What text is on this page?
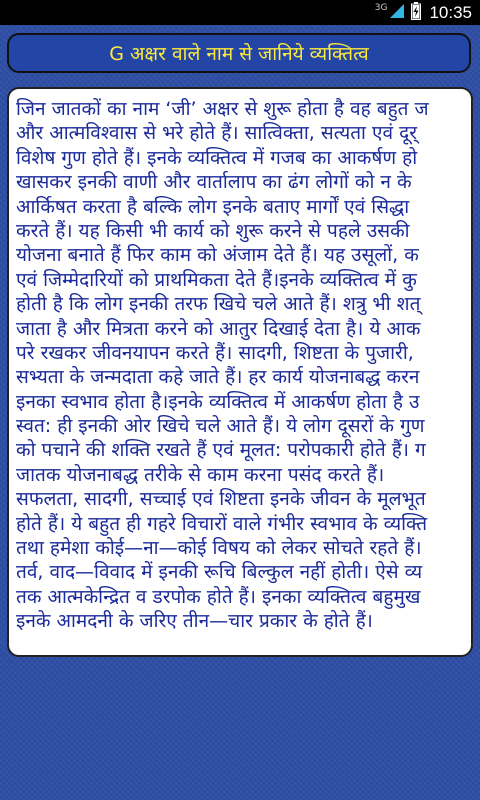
3G 10:35
G अक्षर वाले नाम से जानिये व्यक्तित्व
जिन जातकों का नाम ‘जी’ अक्षर से शुरू होता है वह बहुत ज
और आत्मविश्वास से भरे होते हैं। सात्विक्ता, सत्यता एवं दूर्
विशेष गुण होते हैं। इनके व्यक्तित्व में गजब का आकर्षण हो
खासकर इनकी वाणी और वार्तालाप का ढंग लोगों को न के
आर्किषत करता है बल्कि लोग इनके बताए मार्गों एवं सिद्धा
करते हैं। यह किसी भी कार्य को शुरू करने से पहले उसकी
योजना बनाते हैं फिर काम को अंजाम देते हैं। यह उसूलों, क
एवं जिम्मेदारियों को प्राथमिकता देते हैं।इनके व्यक्तित्व में कु
होती है कि लोग इनकी तरफ खिचे चले आते हैं। शत्रु भी शत्
जाता है और मित्रता करने को आतुर दिखाई देता है। ये आक
परे रखकर जीवनयापन करते हैं। सादगी, शिष्टता के पुजारी,
सभ्यता के जन्मदाता कहे जाते हैं। हर कार्य योजनाबद्ध करन
इनका स्वभाव होता है।इनके व्यक्तित्व में आकर्षण होता है उ
स्वत: ही इनकी ओर खिचे चले आते हैं। ये लोग दूसरों के गुण
को पचाने की शक्ति रखते हैं एवं मूलत: परोपकारी होते हैं। ग
जातक योजनाबद्ध तरीके से काम करना पसंद करते हैं।
सफलता, सादगी, सच्चाई एवं शिष्टता इनके जीवन के मूलभूत
होते हैं। ये बहुत ही गहरे विचारों वाले गंभीर स्वभाव के व्यक्ति
तथा हमेशा कोई—ना—कोई विषय को लेकर सोचते रहते हैं।
तर्व, वाद—विवाद में इनकी रूचि बिल्कुल नहीं होती। ऐसे व्य
तक आत्मकेन्द्रित व डरपोक होते हैं। इनका व्यक्तित्व बहुमुख
इनके आमदनी के जरिए तीन—चार प्रकार के होते हैं।
